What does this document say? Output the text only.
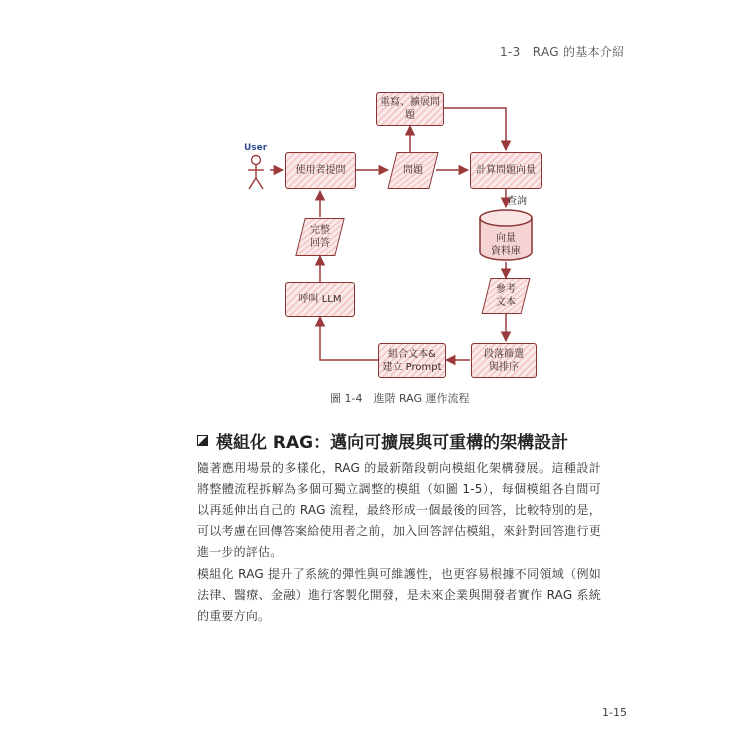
1-3　RAG 的基本介紹
User
重寫、擴展問題
使用者提問	問題	計算問題向量
查詢
向量
資料庫
完整
回答
參考
文本
呼叫 LLM
組合文本&
建立 Prompt
段落篩選
與排序
圖 1-4　進階 RAG 運作流程
模組化 RAG：邁向可擴展與可重構的架構設計
隨著應用場景的多樣化，RAG 的最新階段朝向模組化架構發展。這種設計將整體流程拆解為多個可獨立調整的模組（如圖 1-5），每個模組各自間可以再延伸出自己的 RAG 流程，最終形成一個最後的回答，比較特別的是，可以考慮在回傳答案給使用者之前，加入回答評估模組，來針對回答進行更進一步的評估。
模組化 RAG 提升了系統的彈性與可維護性，也更容易根據不同領域（例如法律、醫療、金融）進行客製化開發，是未來企業與開發者實作 RAG 系統的重要方向。
1-15
